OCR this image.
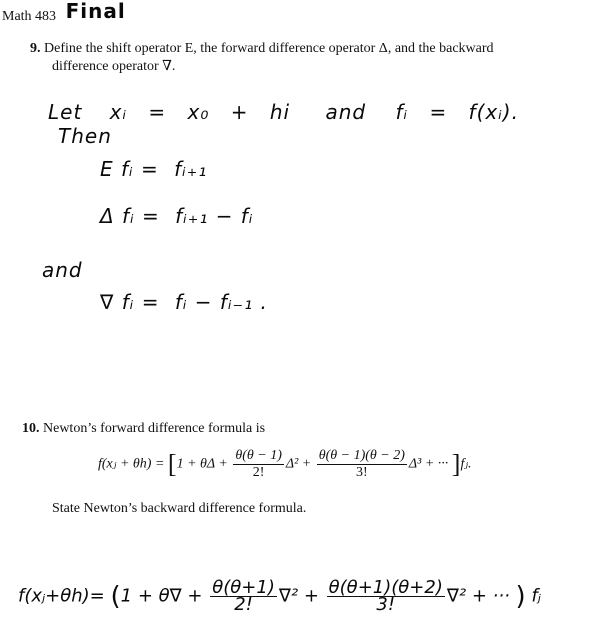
Math 483 Final
9. Define the shift operator E, the forward difference operator Δ, and the backward
difference operator ∇.
Let xᵢ = x₀ + hi and fᵢ = f(xᵢ). Then
E fᵢ = fᵢ₊₁
Δ fᵢ = fᵢ₊₁ − fᵢ
and
∇ fᵢ = fᵢ − fᵢ₋₁ .
10. Newton’s forward difference formula is
f(xⱼ + $\theta h) = [1 + \theta\Delta + \frac{\theta(\theta - 1)}{2!} \Delta^2 + \frac{\theta(\theta - 1)(\theta - 2)}{3!} \Delta^3$ + ··· ]fⱼ.
State Newton’s backward difference formula.
f(xⱼ+θh)= ($1 + \theta\nabla + \frac{\theta(\theta+1)}{2!} \nabla^2 + \frac{\theta(\theta+1)(\theta+2)}{3!} \nabla^2$ + ··· ) fⱼ
